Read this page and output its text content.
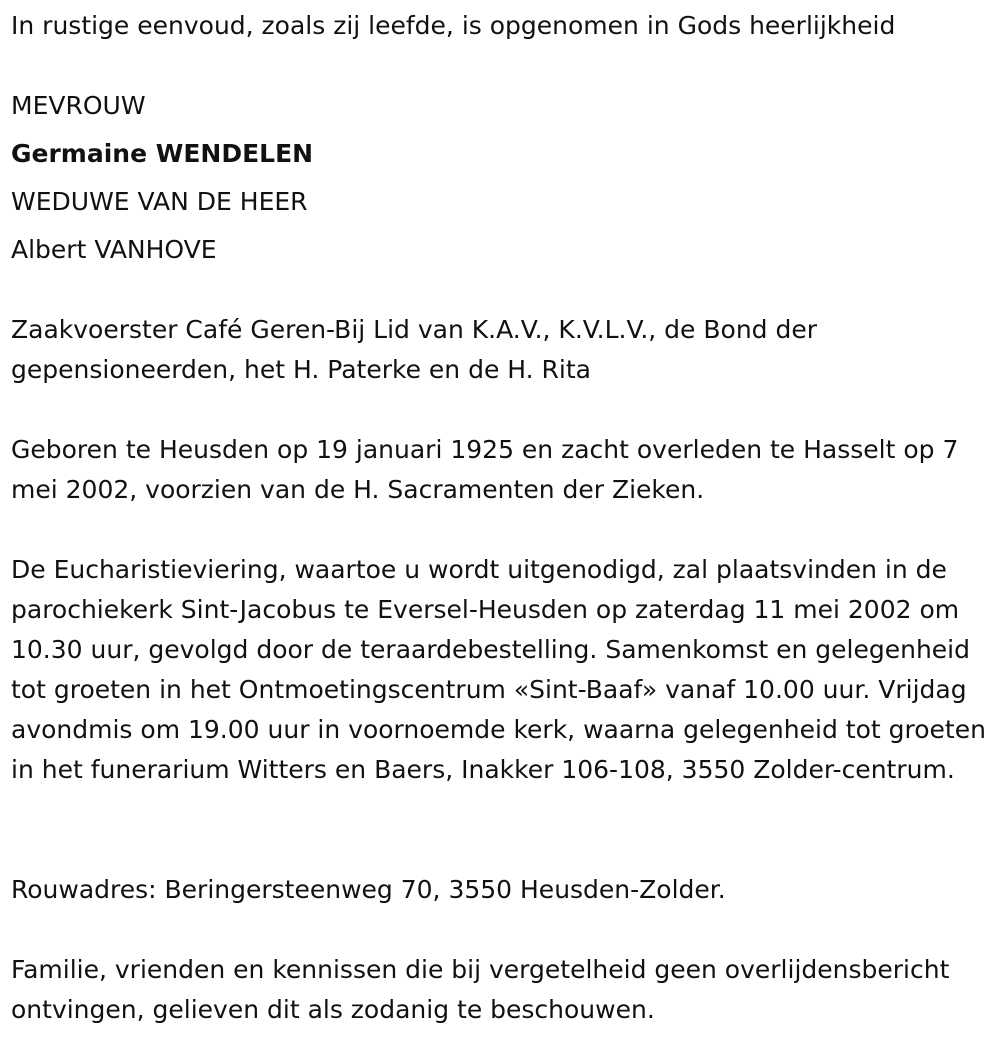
In rustige eenvoud, zoals zij leefde, is opgenomen in Gods heerlijkheid

MEVROUW

Germaine WENDELEN

WEDUWE VAN DE HEER

Albert VANHOVE

Zaakvoerster Café Geren-Bij Lid van K.A.V., K.V.L.V., de Bond der gepensioneerden, het H. Paterke en de H. Rita

Geboren te Heusden op 19 januari 1925 en zacht overleden te Hasselt op 7 mei 2002, voorzien van de H. Sacramenten der Zieken.

De Eucharistieviering, waartoe u wordt uitgenodigd, zal plaatsvinden in de parochiekerk Sint-Jacobus te Eversel-Heusden op zaterdag 11 mei 2002 om 10.30 uur, gevolgd door de teraardebestelling. Samenkomst en gelegenheid tot groeten in het Ontmoetingscentrum «Sint-Baaf» vanaf 10.00 uur. Vrijdag avondmis om 19.00 uur in voornoemde kerk, waarna gelegenheid tot groeten in het funerarium Witters en Baers, Inakker 106-108, 3550 Zolder-centrum.

Rouwadres: Beringersteenweg 70, 3550 Heusden-Zolder.

Familie, vrienden en kennissen die bij vergetelheid geen overlijdensbericht ontvingen, gelieven dit als zodanig te beschouwen.
